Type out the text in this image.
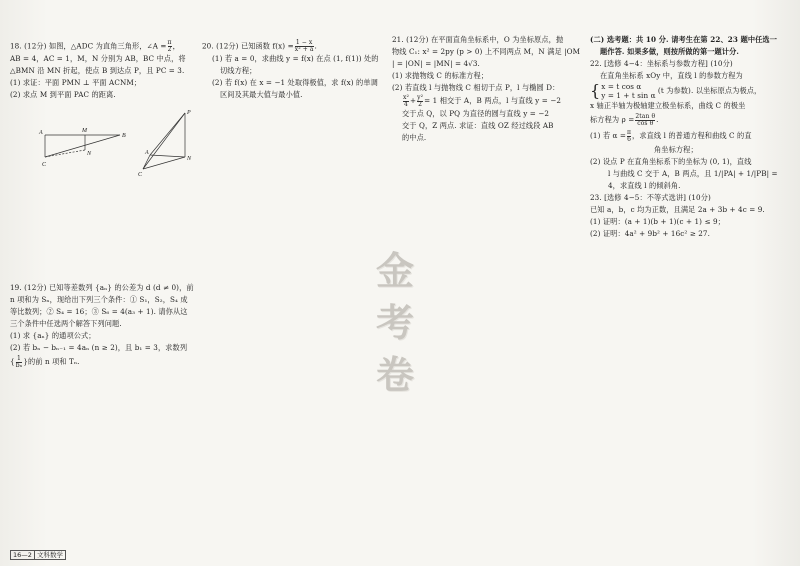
18. (12分) 如图，△ADC 为直角三角形，∠A = $\frac{\pi}{2}$ ，

AB = 4，AC = 1，M，N 分别为 AB，BC 中点，将

△BMN 沿 MN 折起，使点 B 到达点 P，且 PC = 3.

(1) 求证：平面 PMN ⊥ 平面 ACNM；

(2) 求点 M 到平面 PAC 的距离.

A	M
B
N
C
P
A
N
C

20. (12分) 已知函数 $f(x) = \frac{1 - x}{\text{x² + a}}$ .

(1) 若 a = 0，求曲线 y = f(x) 在点 (1, f(1)) 处的

切线方程；

(2) 若 f(x) 在 x = −1 处取得极值，求 f(x) 的单调

区间及其最大值与最小值.

21. (12分) 在平面直角坐标系中，O 为坐标原点，抛

物线 C₁: x² = 2py (p > 0) 上不同两点 M，N 满足 |OM

| = |ON| = |MN| = 4√3.

(1) 求抛物线 C 的标准方程；

(2) 若直线 l 与抛物线 C 相切于点 P，l 与椭圆 D：

$\frac{\text{x²}}{4} + \frac{\text{y²}}{2} = 1$ 相交于 A，B 两点，l 与直线 y = −2

交于点 Q，以 PQ 为直径的圆与直线 y = −2

交于 Q，Z 两点. 求证：直线 OZ 经过线段 AB

的中点.

(二) 选考题：共 10 分. 请考生在第 22、23 题中任选一

题作答. 如果多做，则按所做的第一题计分.

22. [选修 4−4：坐标系与参数方程] (10分)

在直角坐标系 xOy 中，直线 l 的参数方程为

{ x = t cos α
y = 1 + t sin α
(t 为参数). 以坐标原点为极点，

x 轴正半轴为极轴建立极坐标系，曲线 C 的极坐

标方程为 $\rho = \frac{\text{2tan θ}}{\text{cos θ}}$ .

(1) 若 $\alpha = \frac{\pi}{6}$ ，求直线 l 的普通方程和曲线 C 的直

角坐标方程；

(2) 设点 P 在直角坐标系下的坐标为 (0, 1)，直线

l 与曲线 C 交于 A，B 两点，且 1/|PA| + 1/|PB| =

4，求直线 l 的倾斜角.

23. [选修 4−5：不等式选讲] (10分)

已知 a，b，c 均为正数，且满足 2a + 3b + 4c = 9.

(1) 证明：(a + 1)(b + 1)(c + 1) ≤ 9；

(2) 证明：4a² + 9b² + 16c² ≥ 27.

19. (12分) 已知等差数列 {aₙ} 的公差为 d (d ≠ 0)，前

n 项和为 Sₙ，现给出下列三个条件：① S₁，S₂，S₄ 成

等比数列；② S₄ = 16；③ S₆ = 4(a₃ + 1). 请你从这

三个条件中任选两个解答下列问题.

(1) 求 {aₙ} 的通项公式；

(2) 若 bₙ − bₙ₋₁ = 4aₙ (n ≥ 2)，且 b₁ = 3，求数列

{ $\frac{1}{\text{bₙ}}$ }的前 n 项和 Tₙ.

金
考
卷
16—2 文科数学
